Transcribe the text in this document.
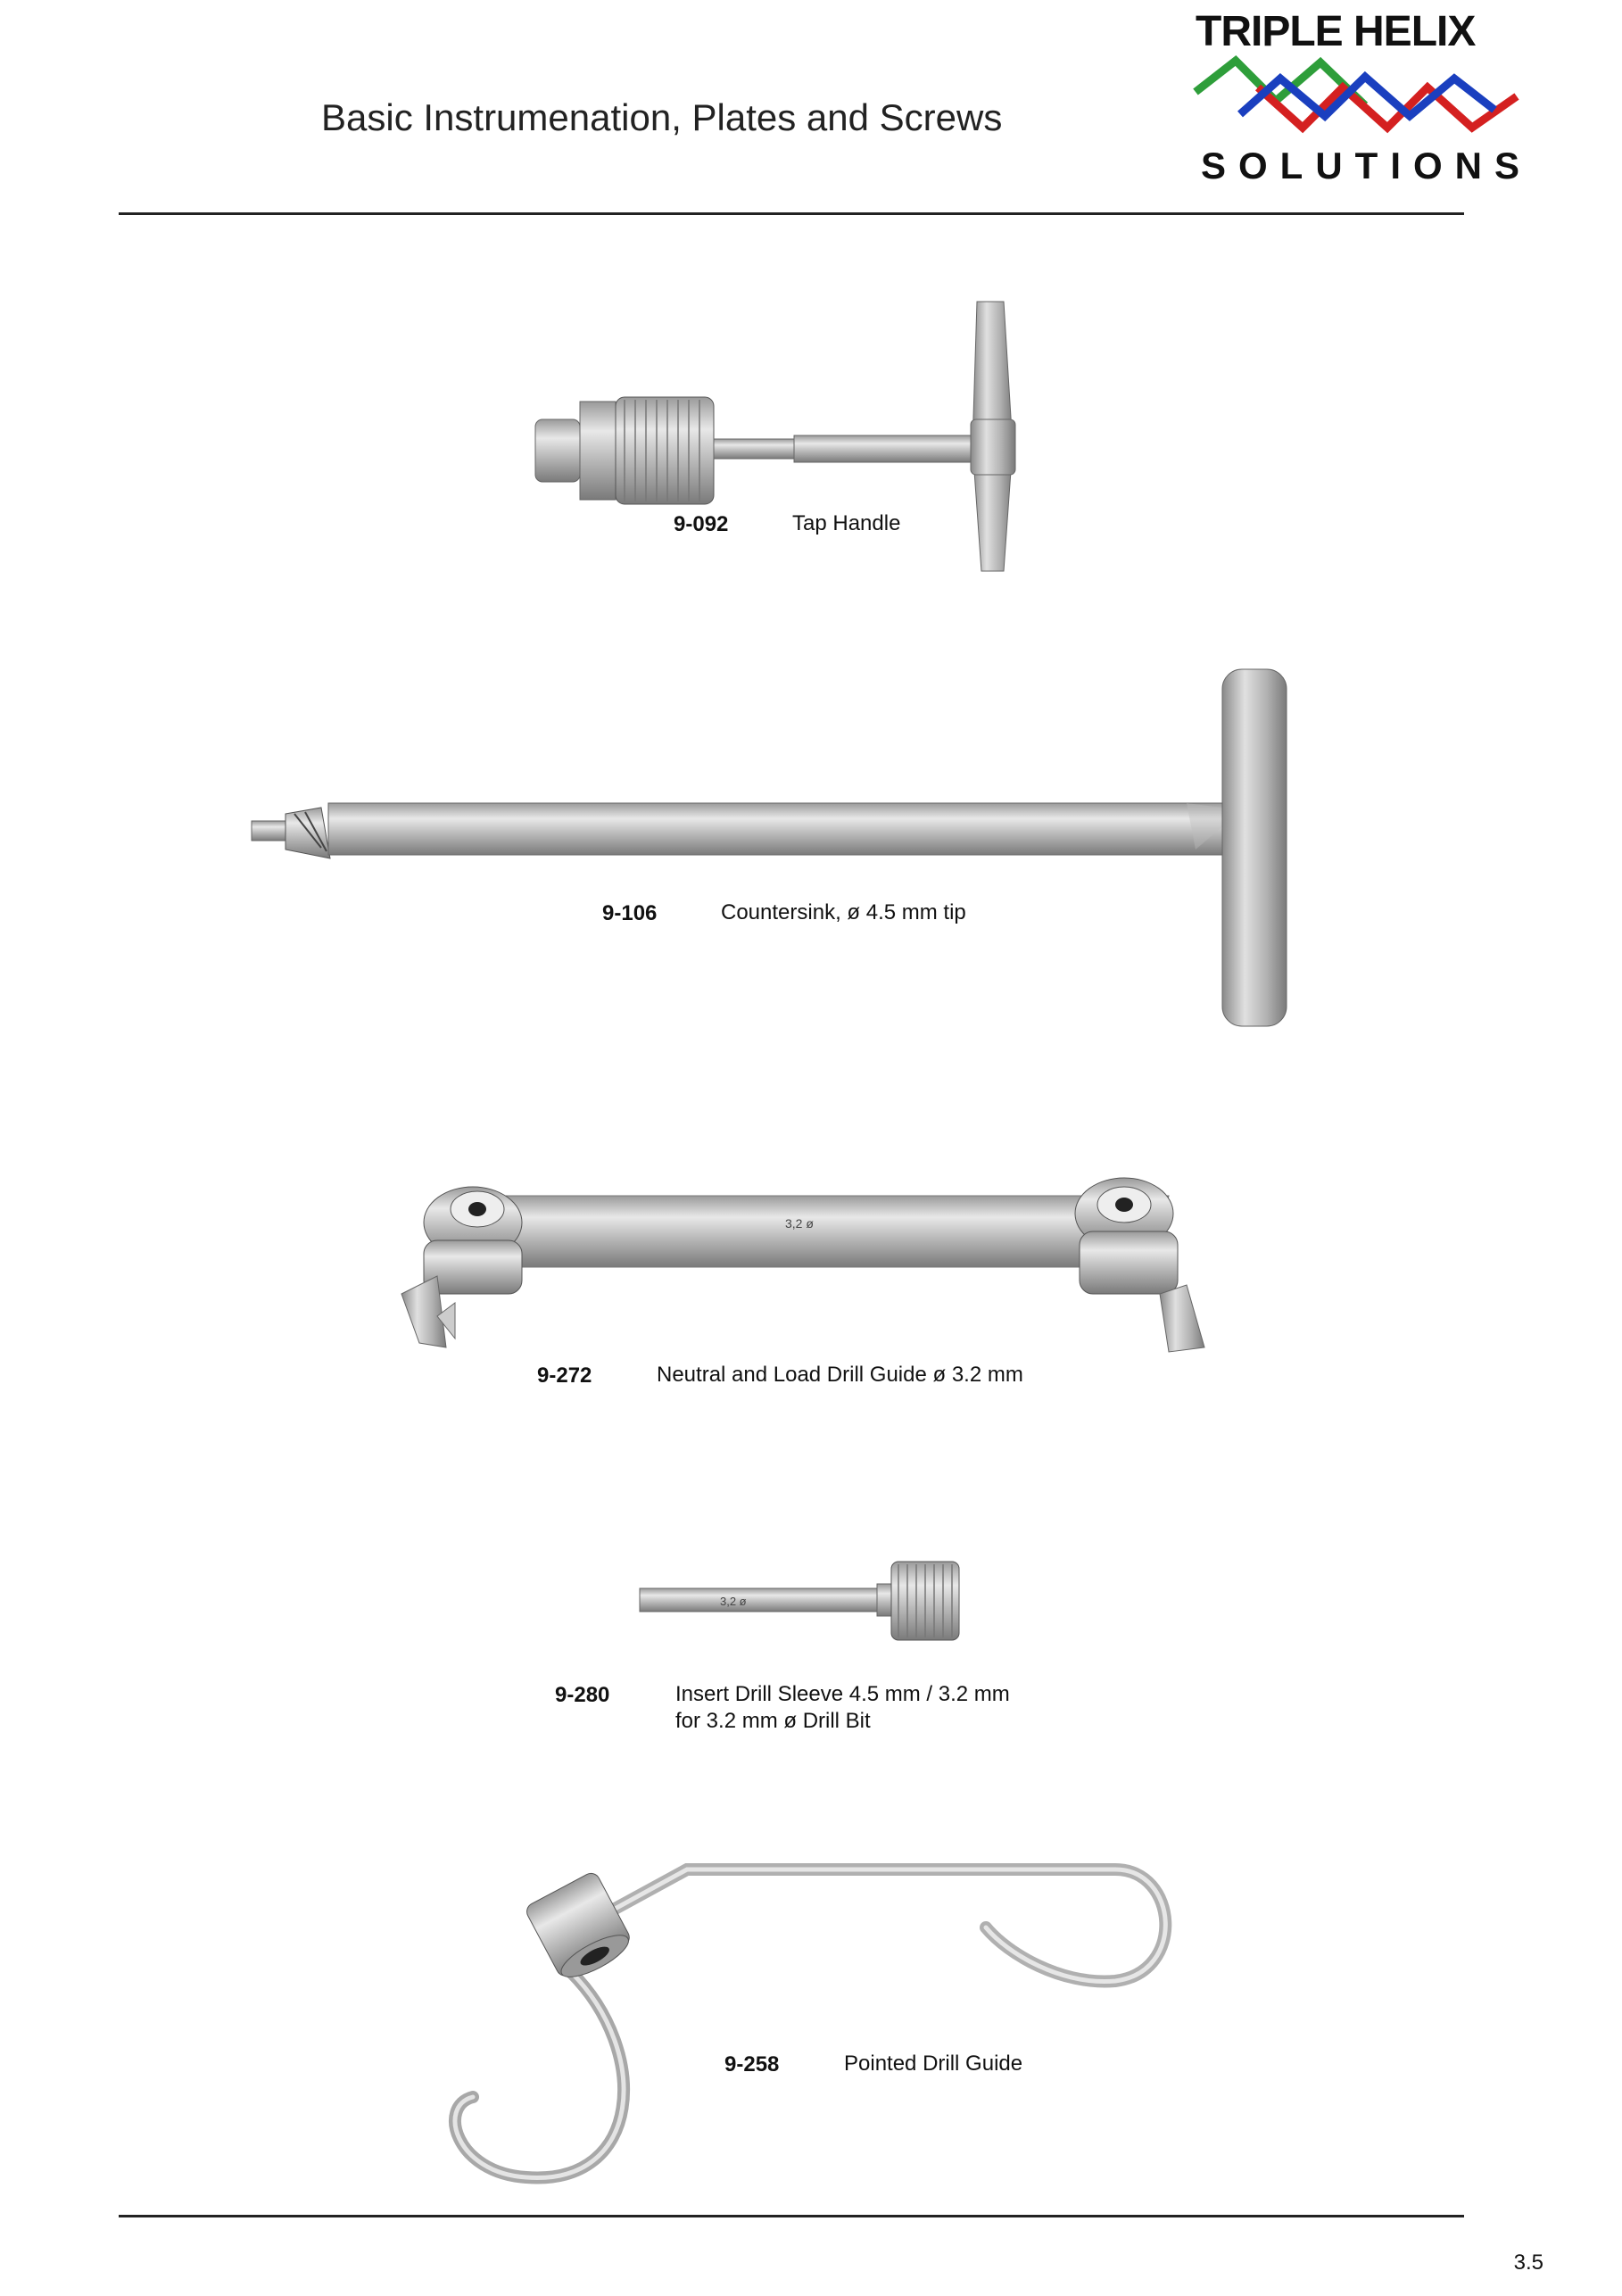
Basic Instrumenation, Plates and Screws
TRIPLE HELIX
SOLUTIONS
9-092	Tap Handle
9-106	Countersink, ø 4.5 mm tip
3,2 ø
9-272	Neutral and Load Drill Guide ø 3.2 mm
3,2 ø
9-280	Insert Drill Sleeve 4.5 mm / 3.2 mm
for 3.2 mm ø Drill Bit
9-258	Pointed Drill Guide
3.5
